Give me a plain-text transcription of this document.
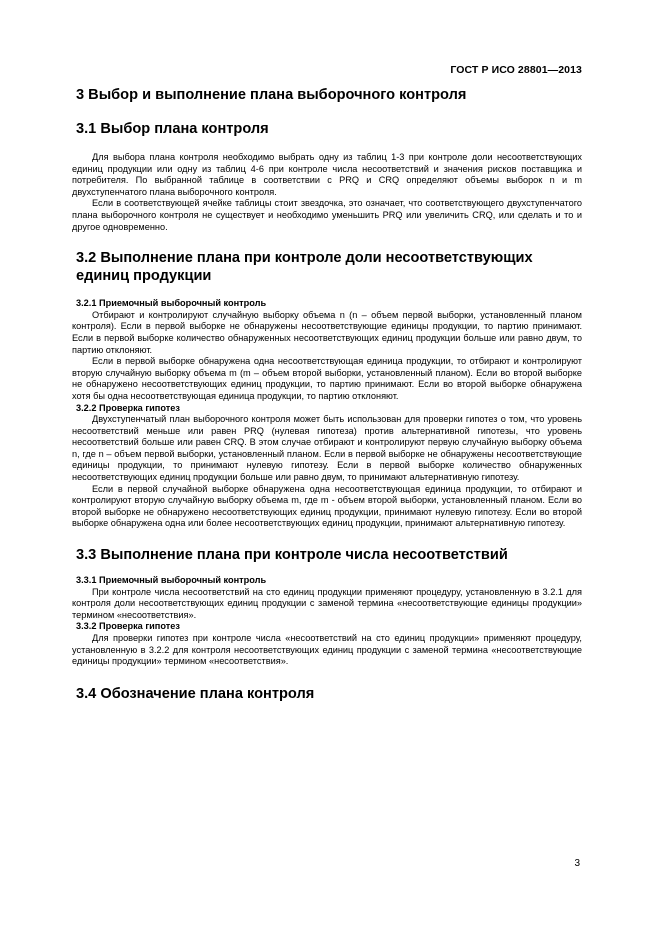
ГОСТ Р ИСО 28801—2013
3 Выбор и выполнение плана выборочного контроля
3.1 Выбор плана контроля

Для выбора плана контроля необходимо выбрать одну из таблиц 1-3 при контроле доли несоответствующих единиц продукции или одну из таблиц 4-6 при контроле числа несоответствий и значения рисков поставщика и потребителя. По выбранной таблице в соответствии с PRQ и CRQ определяют объемы выборок n и m двухступенчатого плана выборочного контроля.

Если в соответствующей ячейке таблицы стоит звездочка, это означает, что соответствующего двухступенчатого плана выборочного контроля не существует и необходимо уменьшить PRQ или увеличить CRQ, или сделать и то и другое одновременно.

3.2 Выполнение плана при контроле доли несоответствующих единиц продукции
3.2.1 Приемочный выборочный контроль

Отбирают и контролируют случайную выборку объема n (n – объем первой выборки, установленный планом контроля). Если в первой выборке не обнаружены несоответствующие единицы продукции, то партию принимают. Если в первой выборке количество обнаруженных несоответствующих единиц продукции больше или равно двум, то партию отклоняют.

Если в первой выборке обнаружена одна несоответствующая единица продукции, то отбирают и контролируют вторую случайную выборку объема m (m – объем второй выборки, установленный планом). Если во второй выборке не обнаружено несоответствующих единиц продукции, то партию принимают. Если во второй выборке обнаружена хотя бы одна несоответствующая единица продукции, то партию отклоняют.

3.2.2 Проверка гипотез

Двухступенчатый план выборочного контроля может быть использован для проверки гипотез о том, что уровень несоответствий меньше или равен PRQ (нулевая гипотеза) против альтернативной гипотезы, что уровень несоответствий больше или равен CRQ. В этом случае отбирают и контролируют первую случайную выборку объема n, где n – объем первой выборки, установленный планом. Если в первой выборке не обнаружены несоответствующие единицы продукции, то принимают нулевую гипотезу. Если в первой выборке количество обнаруженных несоответствующих единиц продукции больше или равно двум, то принимают альтернативную гипотезу.

Если в первой случайной выборке обнаружена одна несоответствующая единица продукции, то отбирают и контролируют вторую случайную выборку объема m, где m - объем второй выборки, установленный планом. Если во второй выборке не обнаружено несоответствующих единиц продукции, принимают нулевую гипотезу. Если во второй выборке обнаружена одна или более несоответствующих единиц продукции, принимают альтернативную гипотезу.

3.3 Выполнение плана при контроле числа несоответствий
3.3.1 Приемочный выборочный контроль

При контроле числа несоответствий на сто единиц продукции применяют процедуру, установленную в 3.2.1 для контроля доли несоответствующих единиц продукции с заменой термина «несоответствующие единицы продукции» термином «несоответствия».

3.3.2 Проверка гипотез

Для проверки гипотез при контроле числа «несоответствий на сто единиц продукции» применяют процедуру, установленную в 3.2.2 для контроля несоответствующих единиц продукции с заменой термина «несоответствующие единицы продукции» термином «несоответствия».

3.4 Обозначение плана контроля
3
